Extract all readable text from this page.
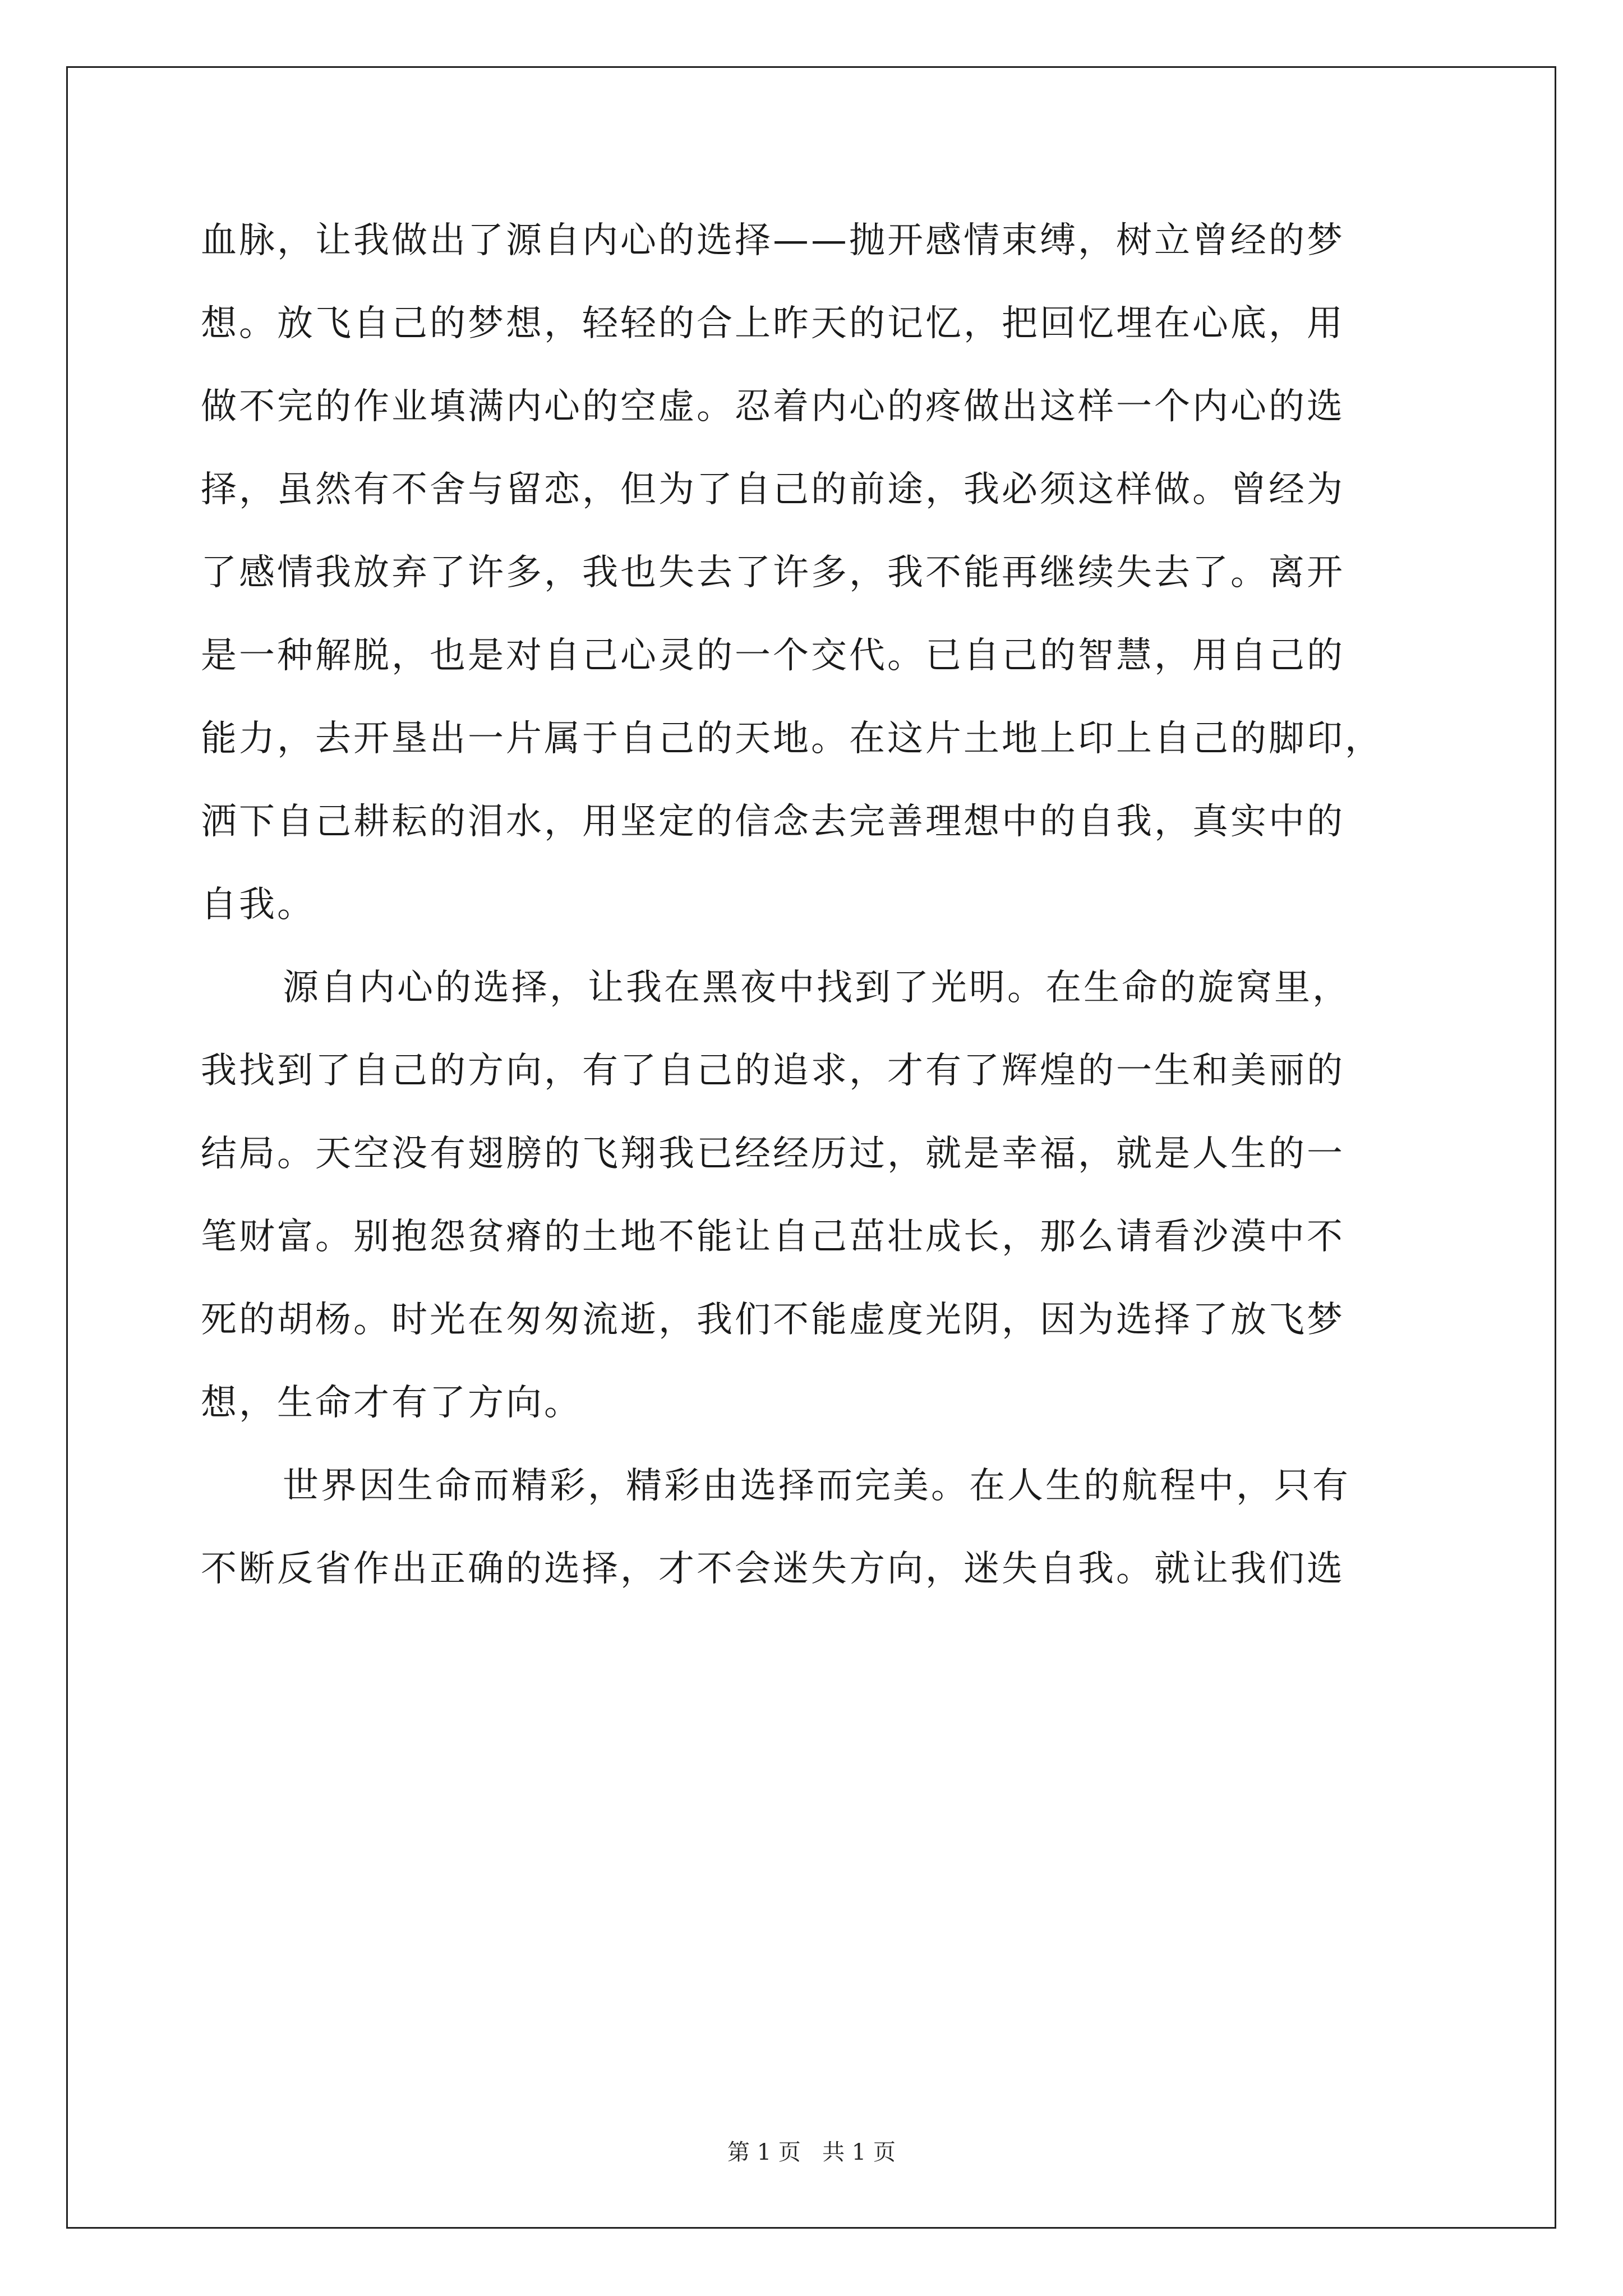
血脉，让我做出了源自内心的选择——抛开感情束缚，树立曾经的梦
想。放飞自己的梦想，轻轻的合上昨天的记忆，把回忆埋在心底，用
做不完的作业填满内心的空虚。忍着内心的疼做出这样一个内心的选
择，虽然有不舍与留恋，但为了自己的前途，我必须这样做。曾经为
了感情我放弃了许多，我也失去了许多，我不能再继续失去了。离开
是一种解脱，也是对自己心灵的一个交代。已自己的智慧，用自己的
能力，去开垦出一片属于自己的天地。在这片土地上印上自己的脚印，
洒下自己耕耘的泪水，用坚定的信念去完善理想中的自我，真实中的
自我。
源自内心的选择，让我在黑夜中找到了光明。在生命的旋窝里，
我找到了自己的方向，有了自己的追求，才有了辉煌的一生和美丽的
结局。天空没有翅膀的飞翔我已经经历过，就是幸福，就是人生的一
笔财富。别抱怨贫瘠的土地不能让自己茁壮成长，那么请看沙漠中不
死的胡杨。时光在匆匆流逝，我们不能虚度光阴，因为选择了放飞梦
想，生命才有了方向。
世界因生命而精彩，精彩由选择而完美。在人生的航程中，只有
不断反省作出正确的选择，才不会迷失方向，迷失自我。就让我们选
第 1 页   共 1 页
